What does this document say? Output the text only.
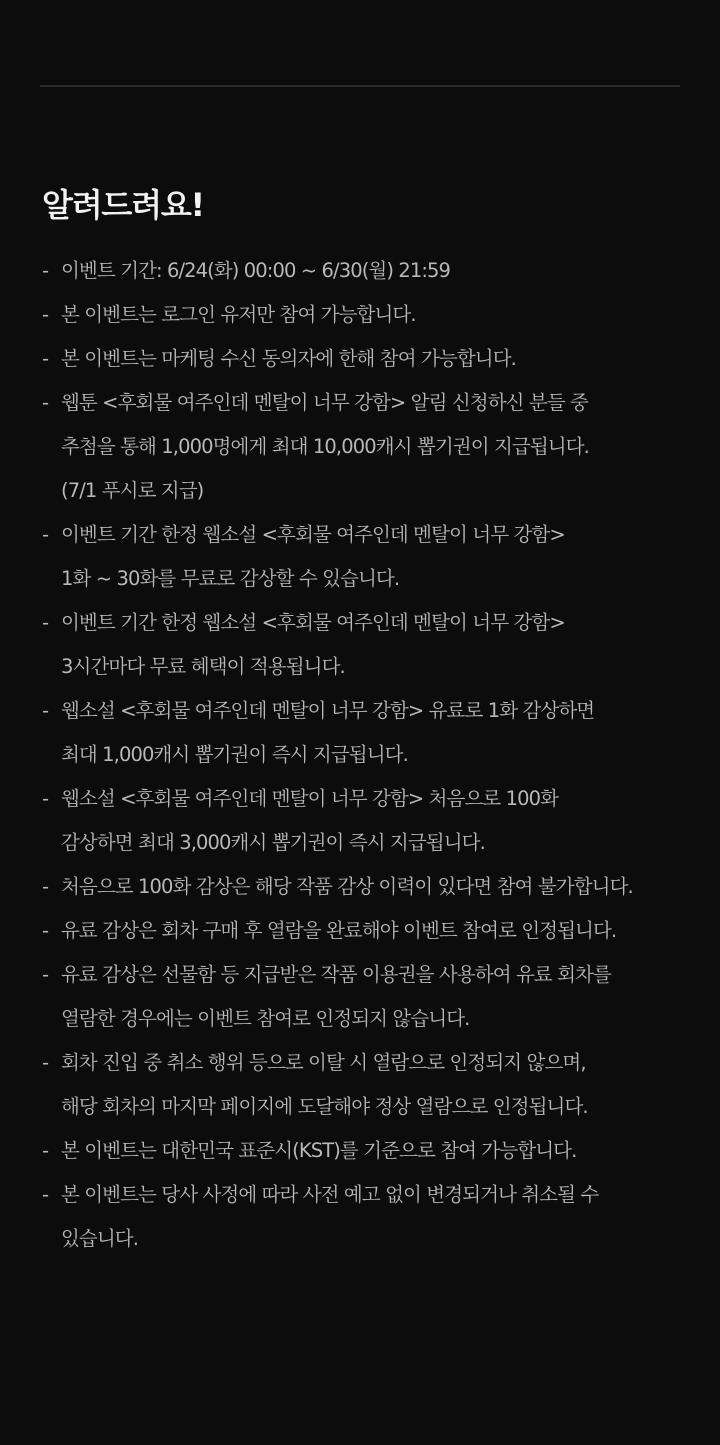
알려드려요!
- 이벤트 기간: 6/24(화) 00:00 ~ 6/30(월) 21:59
- 본 이벤트는 로그인 유저만 참여 가능합니다.
- 본 이벤트는 마케팅 수신 동의자에 한해 참여 가능합니다.
- 웹툰 <후회물 여주인데 멘탈이 너무 강함> 알림 신청하신 분들 중
추첨을 통해 1,000명에게 최대 10,000캐시 뽑기권이 지급됩니다.
(7/1 푸시로 지급)
- 이벤트 기간 한정 웹소설 <후회물 여주인데 멘탈이 너무 강함>
1화 ~ 30화를 무료로 감상할 수 있습니다.
- 이벤트 기간 한정 웹소설 <후회물 여주인데 멘탈이 너무 강함>
3시간마다 무료 혜택이 적용됩니다.
- 웹소설 <후회물 여주인데 멘탈이 너무 강함> 유료로 1화 감상하면
최대 1,000캐시 뽑기권이 즉시 지급됩니다.
- 웹소설 <후회물 여주인데 멘탈이 너무 강함> 처음으로 100화
감상하면 최대 3,000캐시 뽑기권이 즉시 지급됩니다.
- 처음으로 100화 감상은 해당 작품 감상 이력이 있다면 참여 불가합니다.
- 유료 감상은 회차 구매 후 열람을 완료해야 이벤트 참여로 인정됩니다.
- 유료 감상은 선물함 등 지급받은 작품 이용권을 사용하여 유료 회차를
열람한 경우에는 이벤트 참여로 인정되지 않습니다.
- 회차 진입 중 취소 행위 등으로 이탈 시 열람으로 인정되지 않으며,
해당 회차의 마지막 페이지에 도달해야 정상 열람으로 인정됩니다.
- 본 이벤트는 대한민국 표준시(KST)를 기준으로 참여 가능합니다.
- 본 이벤트는 당사 사정에 따라 사전 예고 없이 변경되거나 취소될 수
있습니다.
